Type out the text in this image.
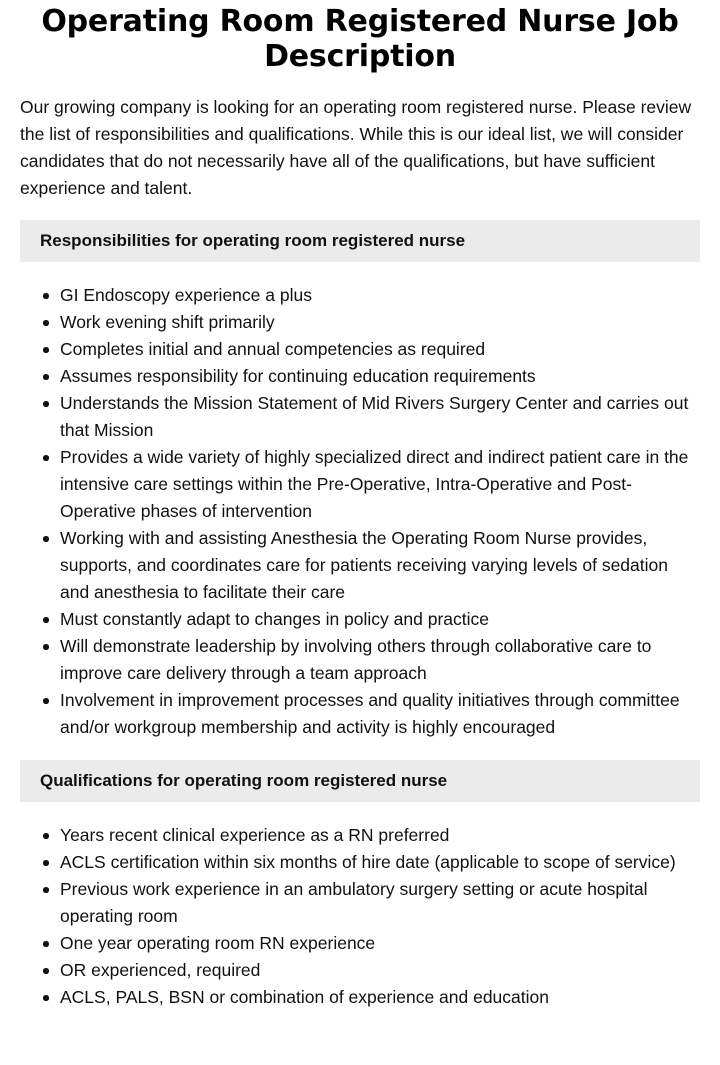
Operating Room Registered Nurse Job Description

Our growing company is looking for an operating room registered nurse. Please review the list of responsibilities and qualifications. While this is our ideal list, we will consider candidates that do not necessarily have all of the qualifications, but have sufficient experience and talent.

Responsibilities for operating room registered nurse
GI Endoscopy experience a plus
Work evening shift primarily
Completes initial and annual competencies as required
Assumes responsibility for continuing education requirements
Understands the Mission Statement of Mid Rivers Surgery Center and carries out that Mission
Provides a wide variety of highly specialized direct and indirect patient care in the intensive care settings within the Pre-Operative, Intra-Operative and Post-Operative phases of intervention
Working with and assisting Anesthesia the Operating Room Nurse provides, supports, and coordinates care for patients receiving varying levels of sedation and anesthesia to facilitate their care
Must constantly adapt to changes in policy and practice
Will demonstrate leadership by involving others through collaborative care to improve care delivery through a team approach
Involvement in improvement processes and quality initiatives through committee and/or workgroup membership and activity is highly encouraged
Qualifications for operating room registered nurse
Years recent clinical experience as a RN preferred
ACLS certification within six months of hire date (applicable to scope of service)
Previous work experience in an ambulatory surgery setting or acute hospital operating room
One year operating room RN experience
OR experienced, required
ACLS, PALS, BSN or combination of experience and education
